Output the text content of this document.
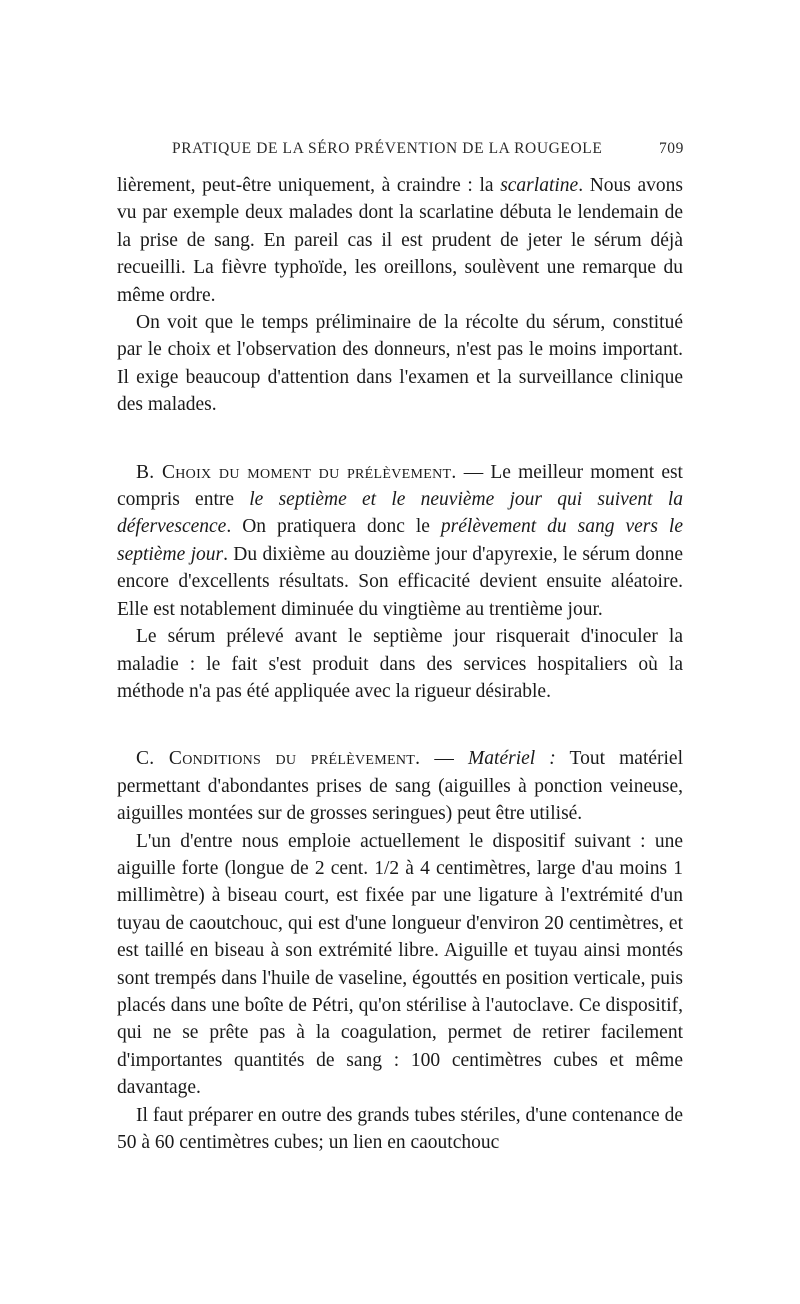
PRATIQUE DE LA SÉRO PRÉVENTION DE LA ROUGEOLE	709

lièrement, peut-être uniquement, à craindre : la scarlatine. Nous avons vu par exemple deux malades dont la scarlatine débuta le lendemain de la prise de sang. En pareil cas il est prudent de jeter le sérum déjà recueilli. La fièvre typhoïde, les oreillons, soulèvent une remarque du même ordre.

On voit que le temps préliminaire de la récolte du sérum, constitué par le choix et l'observation des donneurs, n'est pas le moins important. Il exige beaucoup d'attention dans l'examen et la surveillance clinique des malades.

B. Choix du moment du prélèvement. — Le meilleur moment est compris entre le septième et le neuvième jour qui suivent la défervescence. On pratiquera donc le prélèvement du sang vers le septième jour. Du dixième au douzième jour d'apyrexie, le sérum donne encore d'excellents résultats. Son efficacité devient ensuite aléatoire. Elle est notablement diminuée du vingtième au trentième jour.

Le sérum prélevé avant le septième jour risquerait d'inoculer la maladie : le fait s'est produit dans des services hospitaliers où la méthode n'a pas été appliquée avec la rigueur désirable.

C. Conditions du prélèvement. — Matériel : Tout matériel permettant d'abondantes prises de sang (aiguilles à ponction veineuse, aiguilles montées sur de grosses seringues) peut être utilisé.

L'un d'entre nous emploie actuellement le dispositif suivant : une aiguille forte (longue de 2 cent. 1/2 à 4 centimètres, large d'au moins 1 millimètre) à biseau court, est fixée par une ligature à l'extrémité d'un tuyau de caoutchouc, qui est d'une longueur d'environ 20 centimètres, et est taillé en biseau à son extrémité libre. Aiguille et tuyau ainsi montés sont trempés dans l'huile de vaseline, égouttés en position verticale, puis placés dans une boîte de Pétri, qu'on stérilise à l'autoclave. Ce dispositif, qui ne se prête pas à la coagulation, permet de retirer facilement d'importantes quantités de sang : 100 centimètres cubes et même davantage.

Il faut préparer en outre des grands tubes stériles, d'une contenance de 50 à 60 centimètres cubes; un lien en caoutchouc
